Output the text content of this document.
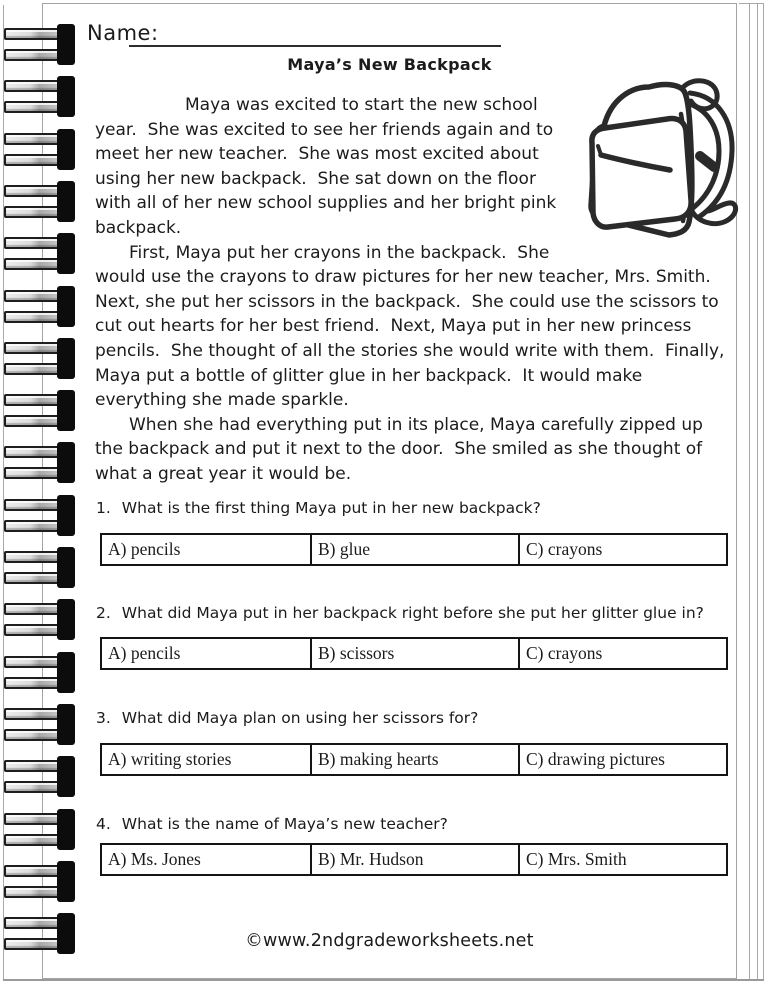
Name:
Maya’s New Backpack

Maya was excited to start the new school year.  She was excited to see her friends again and to meet her new teacher.  She was most excited about using her new backpack.  She sat down on the floor with all of her new school supplies and her bright pink backpack.

First, Maya put her crayons in the backpack.  She would use the crayons to draw pictures for her new teacher, Mrs. Smith.  Next, she put her scissors in the backpack.  She could use the scissors to cut out hearts for her best friend.  Next, Maya put in her new princess pencils.  She thought of all the stories she would write with them.  Finally, Maya put a bottle of glitter glue in her backpack.  It would make everything she made sparkle.

When she had everything put in its place, Maya carefully zipped up the backpack and put it next to the door.  She smiled as she thought of what a great year it would be.

1. What is the first thing Maya put in her new backpack?
A) pencils	B) glue	C) crayons
2. What did Maya put in her backpack right before she put her glitter glue in?
A) pencils	B) scissors	C) crayons
3. What did Maya plan on using her scissors for?
A) writing stories	B) making hearts	C) drawing pictures
4. What is the name of Maya’s new teacher?
A) Ms. Jones	B) Mr. Hudson	C) Mrs. Smith
©www.2ndgradeworksheets.net
